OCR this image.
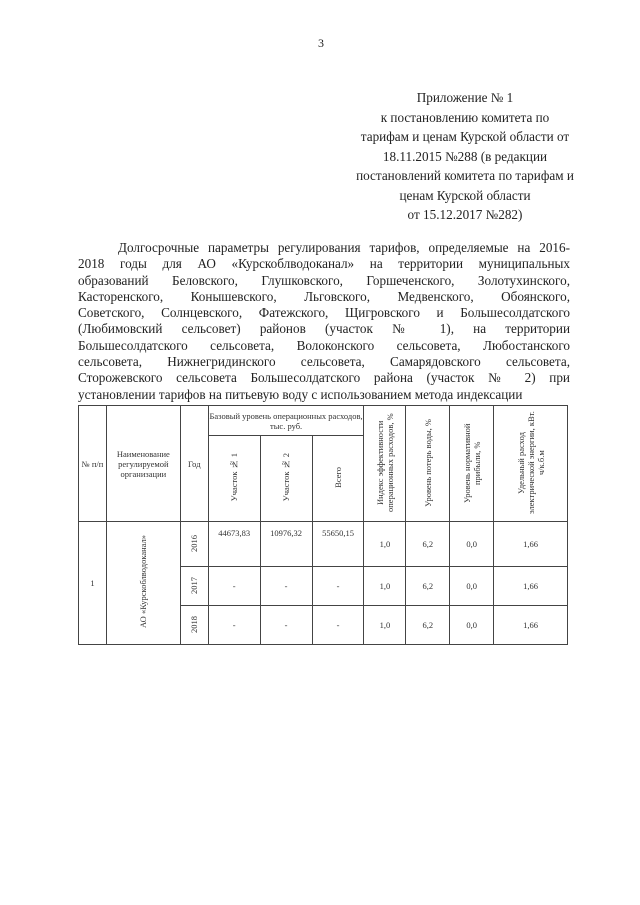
3
Приложение № 1
к постановлению комитета по
тарифам и ценам Курской области от
18.11.2015 №288 (в редакции
постановлений комитета по тарифам и
ценам Курской области
от 15.12.2017 №282)
Долгосрочные параметры регулирования тарифов, определяемые на 2016-
2018 годы для АО «Курскоблводоканал» на территории муниципальных
образований Беловского, Глушковского, Горшеченского, Золотухинского,
Касторенского, Конышевского, Льговского, Медвенского, Обоянского,
Советского, Солнцевского, Фатежского, Щигровского и Большесолдатского
(Любимовский сельсовет) районов (участок № 1), на территории
Большесолдатского сельсовета, Волоконского сельсовета, Любостанского
сельсовета, Нижнегридинского сельсовета, Самарядовского сельсовета,
Сторожевского сельсовета Большесолдатского района (участок № 2) при
установлении тарифов на питьевую воду с использованием метода индексации
№ п/п	Наименование регулируемой организации	Год	Базовый уровень операционных расходов, тыс. руб.			Индекс эффективности операционных расходов, %	Уровень потерь воды, %	Уровень нормативной прибыли, %	Удельный расход электрической энергии, кВт. ч/к.б.м
			Участок № 1	Участок № 2	Всего				
1	АО «Курскоблводоканал»	2016	44673,83	10976,32	55650,15	1,0	6,2	0,0	1,66
		2017	-	-	-	1,0	6,2	0,0	1,66
		2018	-	-	-	1,0	6,2	0,0	1,66
